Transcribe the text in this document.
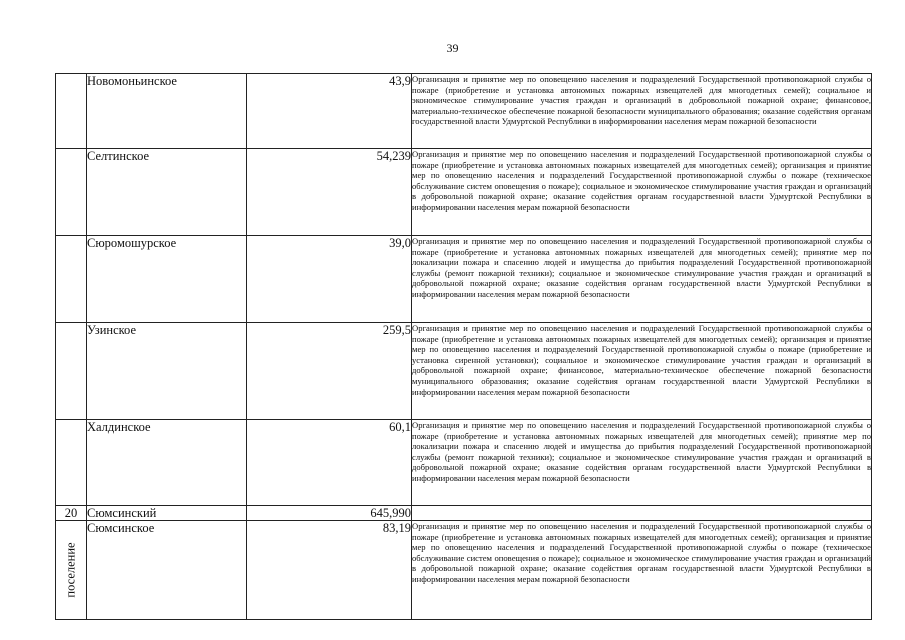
39
	Новомоньинское	43,9	Организация и принятие мер по оповещению населения и подразделений Государственной противопожарной службы о пожаре (приобретение и установка автономных пожарных извещателей для многодетных семей); социальное и экономическое стимулирование участия граждан и организаций в добровольной пожарной охране; финансовое, материально-техническое обеспечение пожарной безопасности муниципального образования; оказание содействия органам государственной власти Удмуртской Республики в информировании населения мерам пожарной безопасности
	Селтинское	54,239	Организация и принятие мер по оповещению населения и подразделений Государственной противопожарной службы о пожаре (приобретение и установка автономных пожарных извещателей для многодетных семей); организация и принятие мер по оповещению населения и подразделений Государственной противопожарной службы о пожаре (техническое обслуживание систем оповещения о пожаре); социальное и экономическое стимулирование участия граждан и организаций в добровольной пожарной охране; оказание содействия органам государственной власти Удмуртской Республики в информировании населения мерам пожарной безопасности
	Сюромошурское	39,0	Организация и принятие мер по оповещению населения и подразделений Государственной противопожарной службы о пожаре (приобретение и установка автономных пожарных извещателей для многодетных семей); принятие мер по локализации пожара и спасению людей и имущества до прибытия подразделений Государственной противопожарной службы (ремонт пожарной техники); социальное и экономическое стимулирование участия граждан и организаций в добровольной пожарной охране; оказание содействия органам государственной власти Удмуртской Республики в информировании населения мерам пожарной безопасности
	Узинское	259,5	Организация и принятие мер по оповещению населения и подразделений Государственной противопожарной службы о пожаре (приобретение и установка автономных пожарных извещателей для многодетных семей); организация и принятие мер по оповещению населения и подразделений Государственной противопожарной службы о пожаре (приобретение и установка сиренной установки); социальное и экономическое стимулирование участия граждан и организаций в добровольной пожарной охране; финансовое, материально-техническое обеспечение пожарной безопасности муниципального образования; оказание содействия органам государственной власти Удмуртской Республики в информировании населения мерам пожарной безопасности
	Халдинское	60,1	Организация и принятие мер по оповещению населения и подразделений Государственной противопожарной службы о пожаре (приобретение и установка автономных пожарных извещателей для многодетных семей); принятие мер по локализации пожара и спасению людей и имущества до прибытия подразделений Государственной противопожарной службы (ремонт пожарной техники); социальное и экономическое стимулирование участия граждан и организаций в добровольной пожарной охране; оказание содействия органам государственной власти Удмуртской Республики в информировании населения мерам пожарной безопасности
20	Сюмсинский	645,990	

поселение	Сюмсинское	83,19	Организация и принятие мер по оповещению населения и подразделений Государственной противопожарной службы о пожаре (приобретение и установка автономных пожарных извещателей для многодетных семей); организация и принятие мер по оповещению населения и подразделений Государственной противопожарной службы о пожаре (техническое обслуживание систем оповещения о пожаре); социальное и экономическое стимулирование участия граждан и организаций в добровольной пожарной охране; оказание содействия органам государственной власти Удмуртской Республики в информировании населения мерам пожарной безопасности
